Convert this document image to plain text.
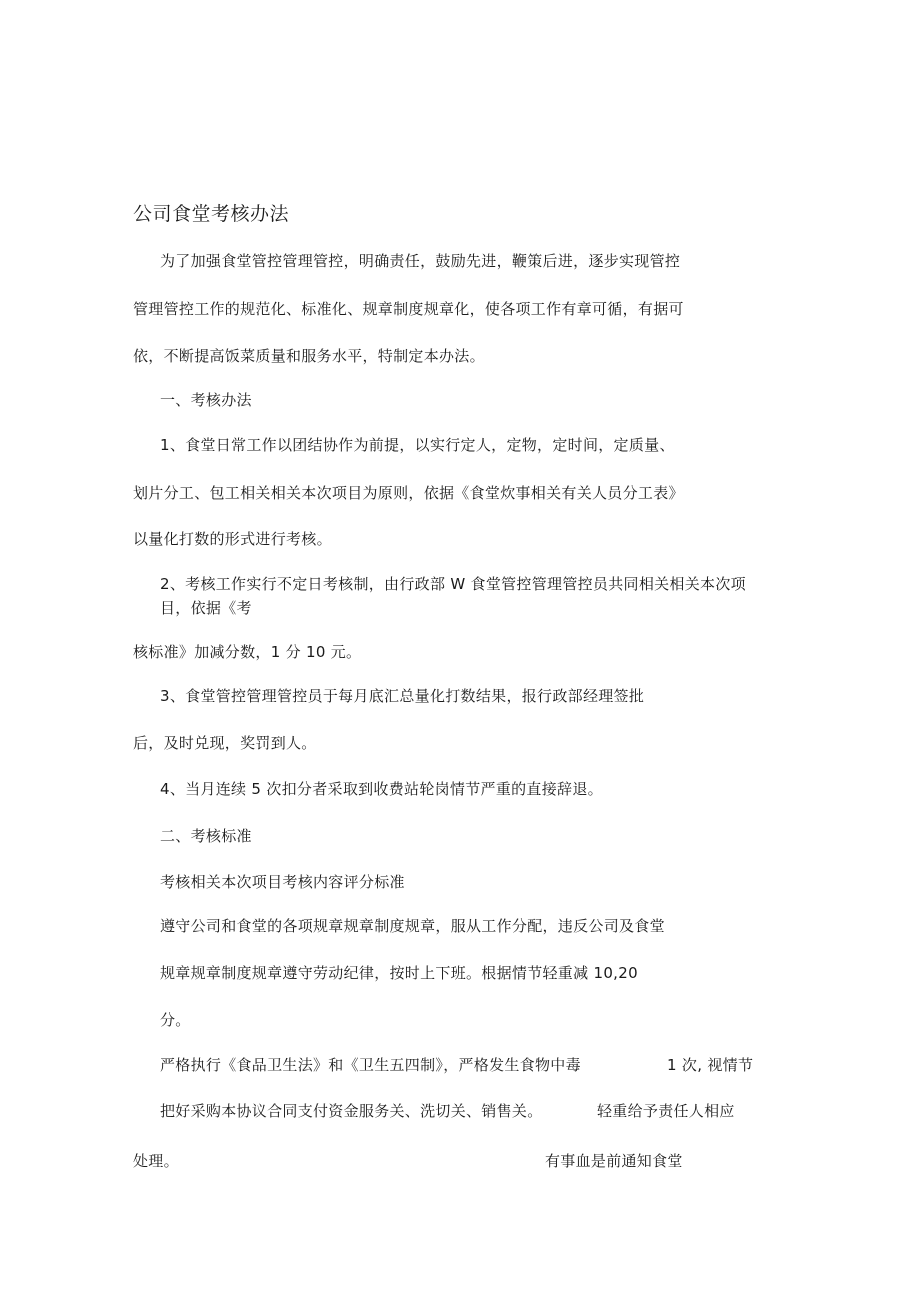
公司食堂考核办法
为了加强食堂管控管理管控，明确责任，鼓励先进，鞭策后进，逐步实现管控
管理管控工作的规范化、标准化、规章制度规章化，使各项工作有章可循，有据可
依，不断提高饭菜质量和服务水平，特制定本办法。
一、考核办法
1、食堂日常工作以团结协作为前提，以实行定人，定物，定时间，定质量、
划片分工、包工相关相关本次项目为原则，依据《食堂炊事相关有关人员分工表》
以量化打数的形式进行考核。
2、考核工作实行不定日考核制，由行政部 W 食堂管控管理管控员共同相关相关本次项
目，依据《考
核标准》加减分数，1 分 10 元。
3、食堂管控管理管控员于每月底汇总量化打数结果，报行政部经理签批
后，及时兑现，奖罚到人。
4、当月连续 5 次扣分者采取到收费站轮岗情节严重的直接辞退。
二、考核标准
考核相关本次项目考核内容评分标准
遵守公司和食堂的各项规章规章制度规章，服从工作分配，违反公司及食堂
规章规章制度规章遵守劳动纪律，按时上下班。根据情节轻重减 10,20
分。
严格执行《食品卫生法》和《卫生五四制》，严格发生食物中毒	1 次, 视情节
把好采购本协议合同支付资金服务关、洗切关、销售关。	轻重给予责任人相应
处理。	有事血是前通知食堂
